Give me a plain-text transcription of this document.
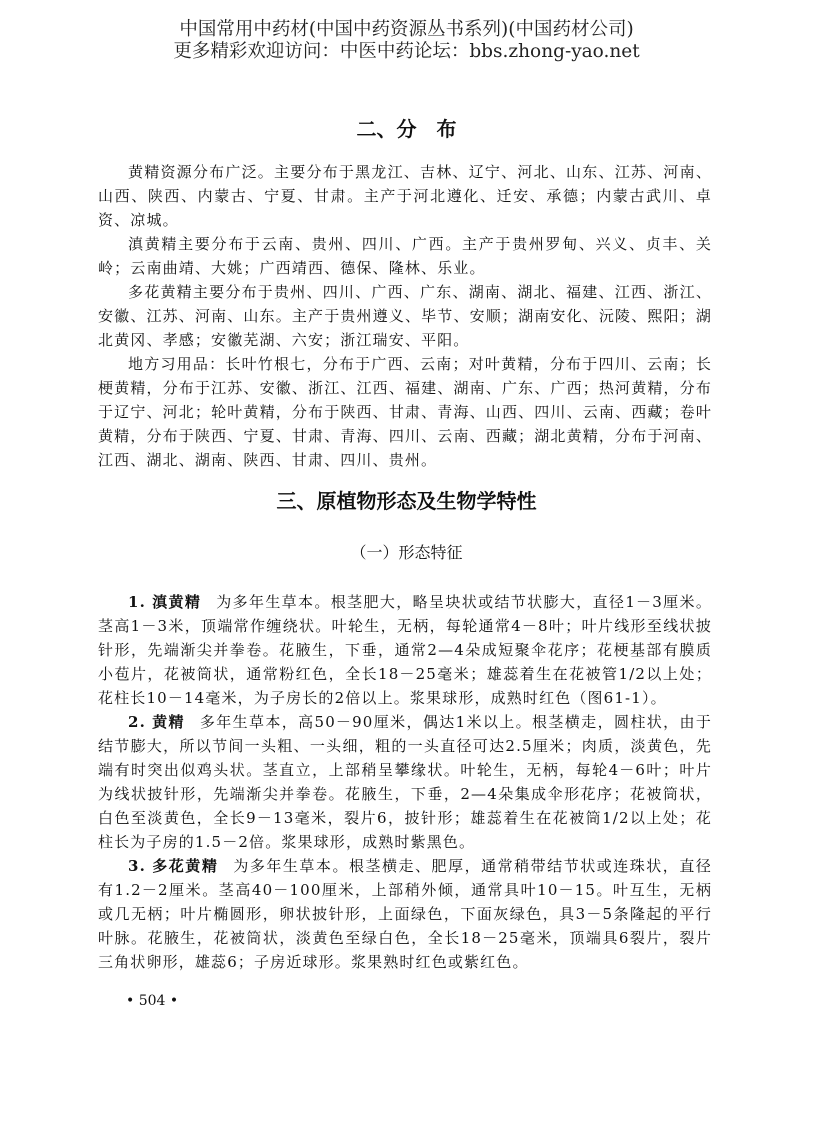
中国常用中药材(中国中药资源丛书系列)(中国药材公司)
更多精彩欢迎访问：中医中药论坛：bbs.zhong-yao.net
二、分　布

黄精资源分布广泛。主要分布于黑龙江、吉林、辽宁、河北、山东、江苏、河南、山西、陕西、内蒙古、宁夏、甘肃。主产于河北遵化、迁安、承德；内蒙古武川、卓资、凉城。

滇黄精主要分布于云南、贵州、四川、广西。主产于贵州罗甸、兴义、贞丰、关岭；云南曲靖、大姚；广西靖西、德保、隆林、乐业。

多花黄精主要分布于贵州、四川、广西、广东、湖南、湖北、福建、江西、浙江、安徽、江苏、河南、山东。主产于贵州遵义、毕节、安顺；湖南安化、沅陵、熙阳；湖北黄冈、孝感；安徽芜湖、六安；浙江瑞安、平阳。

地方习用品：长叶竹根七，分布于广西、云南；对叶黄精，分布于四川、云南；长梗黄精，分布于江苏、安徽、浙江、江西、福建、湖南、广东、广西；热河黄精，分布于辽宁、河北；轮叶黄精，分布于陕西、甘肃、青海、山西、四川、云南、西藏；卷叶黄精，分布于陕西、宁夏、甘肃、青海、四川、云南、西藏；湖北黄精，分布于河南、江西、湖北、湖南、陕西、甘肃、四川、贵州。

三、原植物形态及生物学特性
（一）形态特征

1. 滇黄精 为多年生草本。根茎肥大，略呈块状或结节状膨大，直径1－3厘米。茎高1－3米，顶端常作缠绕状。叶轮生，无柄，每轮通常4－8叶；叶片线形至线状披针形，先端渐尖并拳卷。花腋生，下垂，通常2—4朵成短聚伞花序；花梗基部有膜质小苞片，花被筒状，通常粉红色，全长18－25毫米；雄蕊着生在花被管1/2以上处；花柱长10－14毫米，为子房长的2倍以上。浆果球形，成熟时红色（图61-1）。

2. 黄精 多年生草本，高50－90厘米，偶达1米以上。根茎横走，圆柱状，由于结节膨大，所以节间一头粗、一头细，粗的一头直径可达2.5厘米；肉质，淡黄色，先端有时突出似鸡头状。茎直立，上部稍呈攀缘状。叶轮生，无柄，每轮4－6叶；叶片为线状披针形，先端渐尖并拳卷。花腋生，下垂，2—4朵集成伞形花序；花被筒状，白色至淡黄色，全长9－13毫米，裂片6，披针形；雄蕊着生在花被筒1/2以上处；花柱长为子房的1.5－2倍。浆果球形，成熟时紫黑色。

3. 多花黄精 为多年生草本。根茎横走、肥厚，通常稍带结节状或连珠状，直径有1.2－2厘米。茎高40－100厘米，上部稍外倾，通常具叶10－15。叶互生，无柄或几无柄；叶片椭圆形，卵状披针形，上面绿色，下面灰绿色，具3－5条隆起的平行叶脉。花腋生，花被筒状，淡黄色至绿白色，全长18－25毫米，顶端具6裂片，裂片三角状卵形，雄蕊6；子房近球形。浆果熟时红色或紫红色。

• 504 •
